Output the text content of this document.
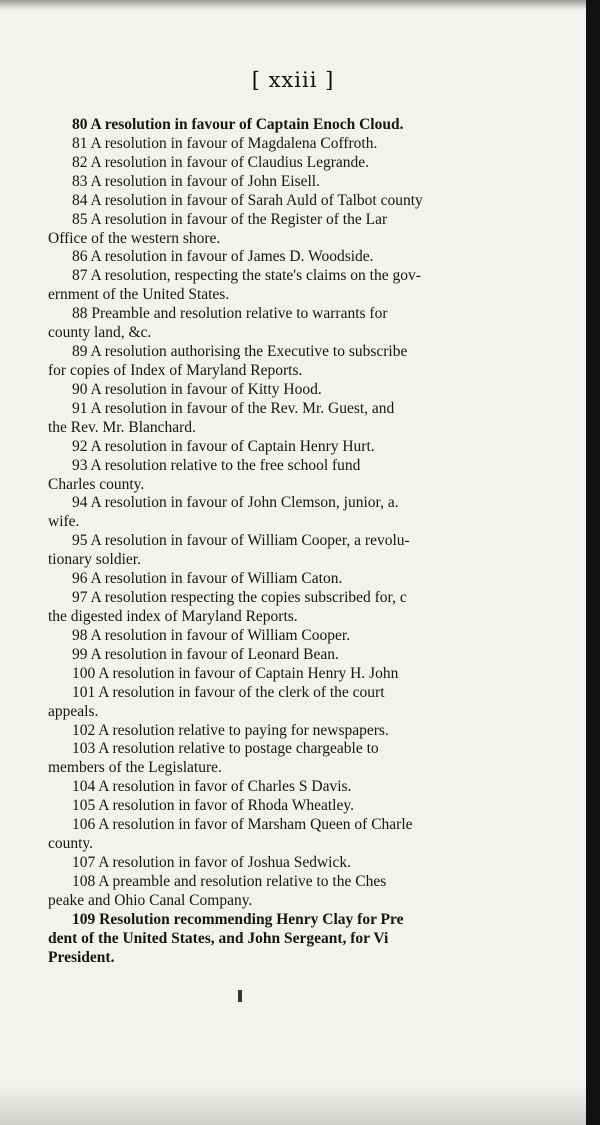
[ xxiii ]

80 A resolution in favour of Captain Enoch Cloud.

81 A resolution in favour of Magdalena Coffroth.

82 A resolution in favour of Claudius Legrande.

83 A resolution in favour of John Eisell.

84 A resolution in favour of Sarah Auld of Talbot county

85 A resolution in favour of the Register of the Lar
Office of the western shore.

86 A resolution in favour of James D. Woodside.

87 A resolution, respecting the state's claims on the gov-
ernment of the United States.

88 Preamble and resolution relative to warrants for
county land, &c.

89 A resolution authorising the Executive to subscribe
for copies of Index of Maryland Reports.

90 A resolution in favour of Kitty Hood.

91 A resolution in favour of the Rev. Mr. Guest, and
the Rev. Mr. Blanchard.

92 A resolution in favour of Captain Henry Hurt.

93 A resolution relative to the free school fund
Charles county.

94 A resolution in favour of John Clemson, junior, a.
wife.

95 A resolution in favour of William Cooper, a revolu-
tionary soldier.

96 A resolution in favour of William Caton.

97 A resolution respecting the copies subscribed for, c
the digested index of Maryland Reports.

98 A resolution in favour of William Cooper.

99 A resolution in favour of Leonard Bean.

100 A resolution in favour of Captain Henry H. John

101 A resolution in favour of the clerk of the court
appeals.

102 A resolution relative to paying for newspapers.

103 A resolution relative to postage chargeable to
members of the Legislature.

104 A resolution in favor of Charles S Davis.

105 A resolution in favor of Rhoda Wheatley.

106 A resolution in favor of Marsham Queen of Charle
county.

107 A resolution in favor of Joshua Sedwick.

108 A preamble and resolution relative to the Ches
peake and Ohio Canal Company.

109 Resolution recommending Henry Clay for Pre
dent of the United States, and John Sergeant, for Vi
President.
